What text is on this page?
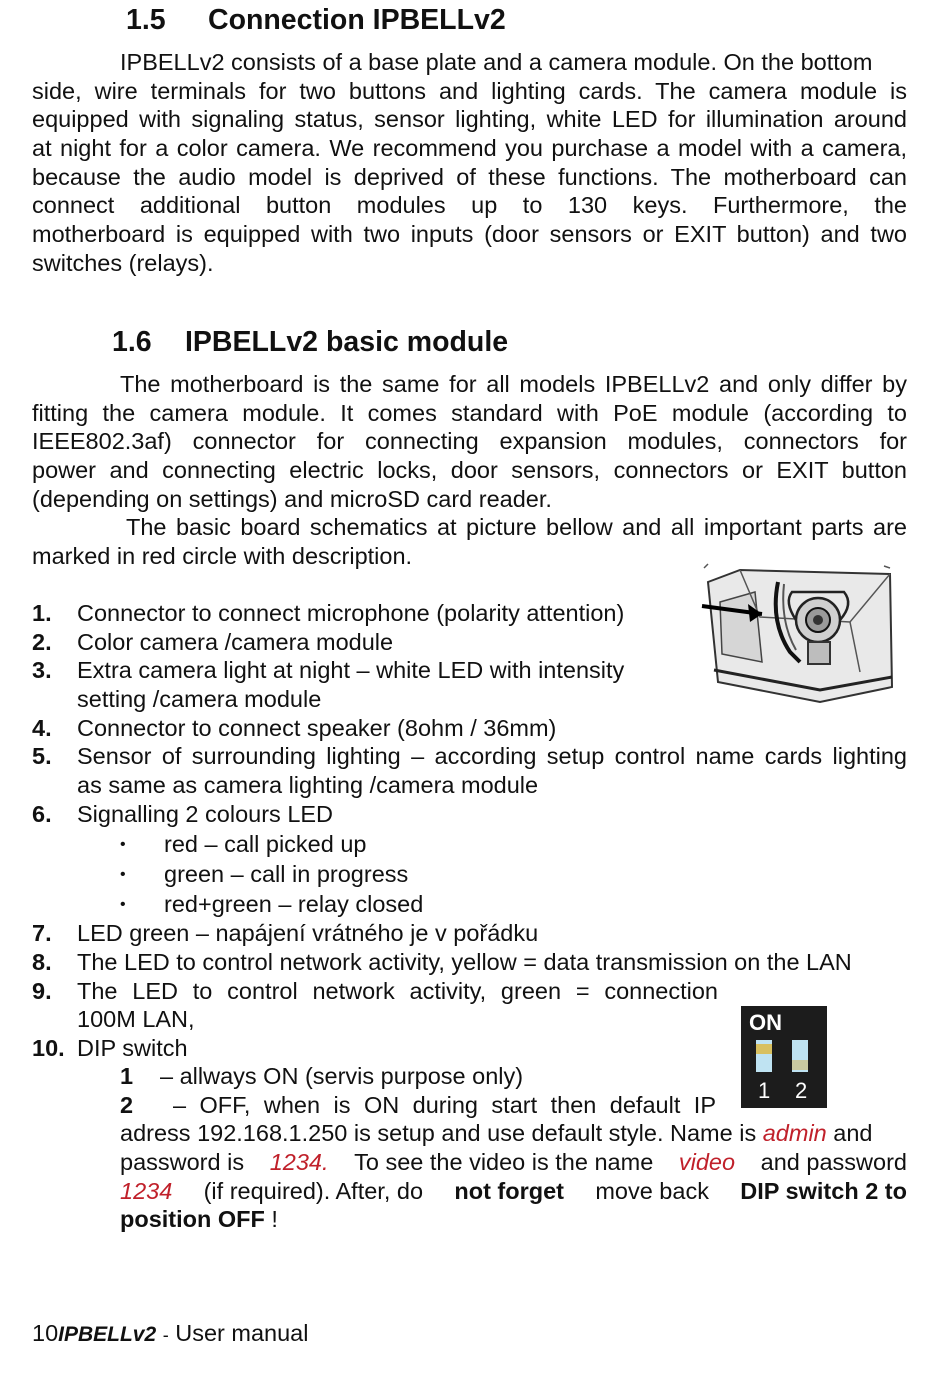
1.5 Connection IPBELLv2
IPBELLv2 consists of a base plate and a camera module. On the bottom
side, wire terminals for two buttons and lighting cards. The camera module is
equipped with signaling status, sensor lighting, white LED for illumination around
at night for a color camera. We recommend you purchase a model with a camera,
because the audio model is deprived of these functions. The motherboard can
connect additional button modules up to 130 keys. Furthermore, the
motherboard is equipped with two inputs (door sensors or EXIT button) and two
switches (relays).
1.6 IPBELLv2 basic module
The motherboard is the same for all models IPBELLv2 and only differ by
fitting the camera module. It comes standard with PoE module (according to
IEEE802.3af) connector for connecting expansion modules, connectors for
power and connecting electric locks, door sensors, connectors or EXIT button
(depending on settings) and microSD card reader.
The basic board schematics at picture bellow and all important parts are
marked in red circle with description.
1. Connector to connect microphone (polarity attention)
2. Color camera /camera module
3. Extra camera light at night – white LED with intensity
setting /camera module
4. Connector to connect speaker (8ohm / 36mm)
5. Sensor of surrounding lighting – according setup control name cards lighting
as same as camera lighting /camera module
6. Signalling 2 colours LED
• red – call picked up
• green – call in progress
• red+green – relay closed
7. LED green – napájení vrátného je v pořádku
8. The LED to control network activity, yellow = data transmission on the LAN
9. The LED to control network activity, green = connection
100M LAN,
10. DIP switch
ON
1 2
1 – allways ON (servis purpose only)
2 – OFF, when is ON during start then default IP
adress 192.168.1.250 is setup and use default style. Name is admin and
password is 1234. To see the video is the name video and password
1234 (if required). After, do not forget move back DIP switch 2 to
position OFF !
10IPBELLv2 - User manual
